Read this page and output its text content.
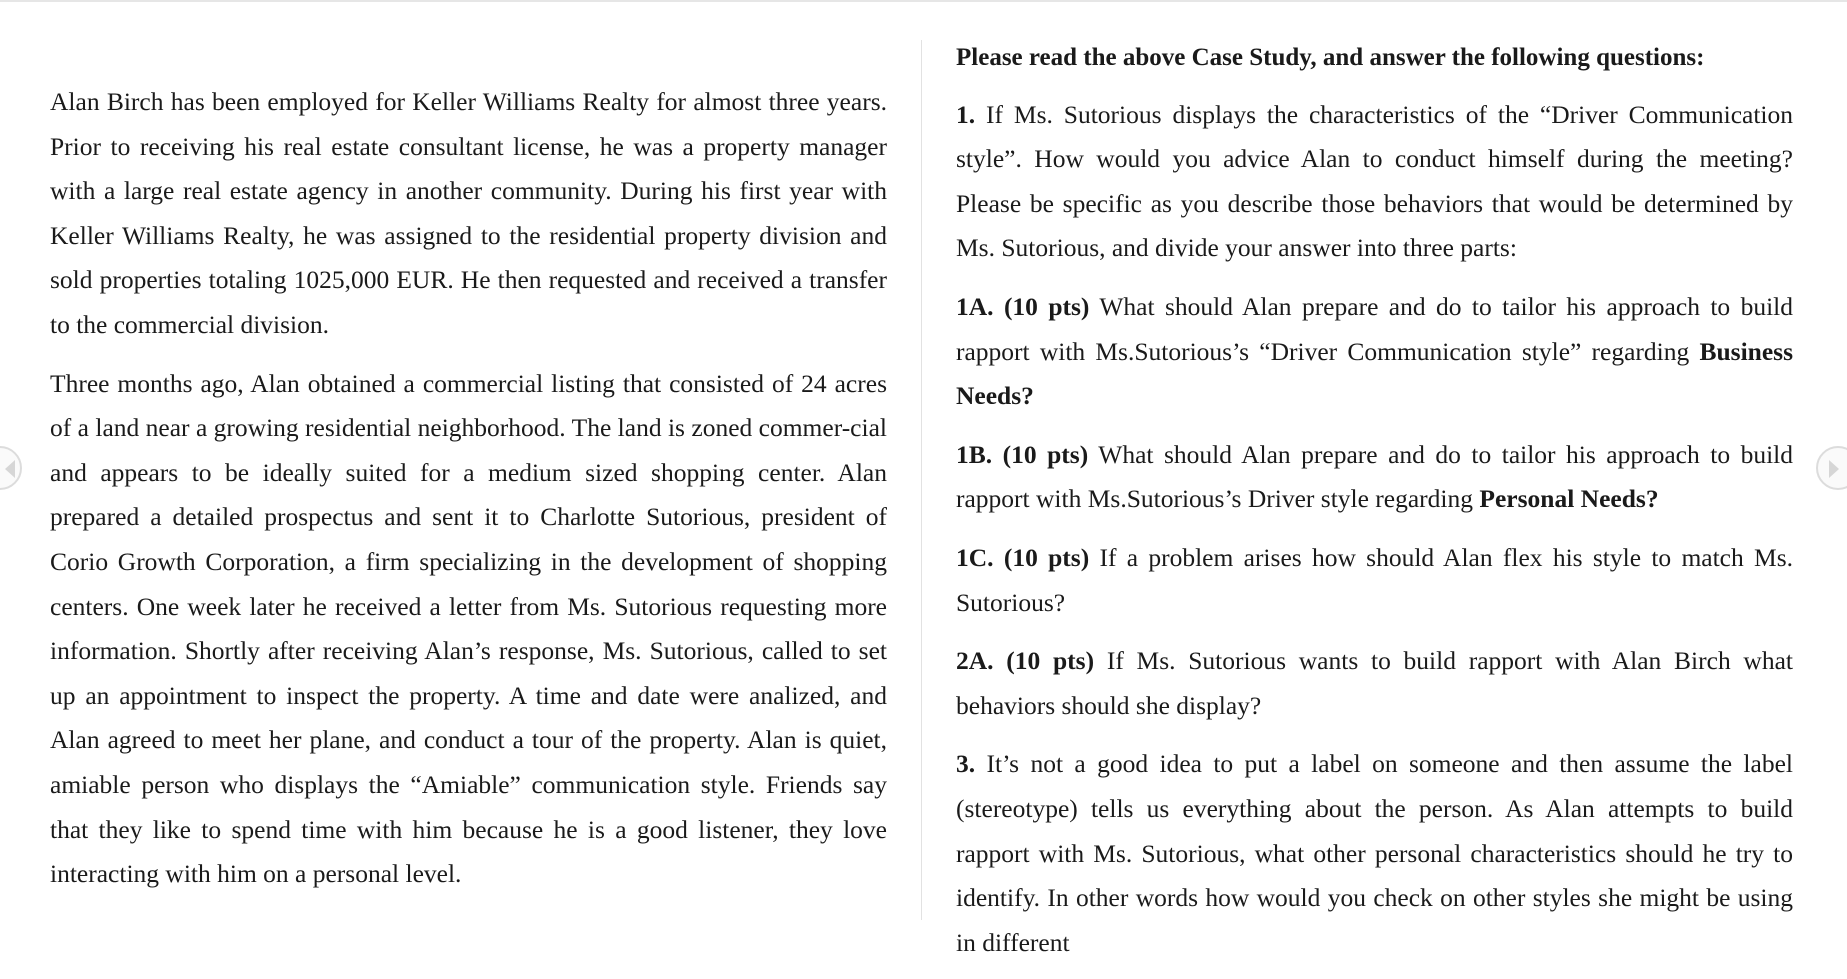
Alan Birch has been employed for Keller Williams Realty for almost three years. Prior to receiving his real estate consultant license, he was a property manager with a large real estate agency in another community. During his first year with Keller Williams Realty, he was assigned to the residential property division and sold properties totaling 1025,000 EUR. He then requested and received a transfer to the commercial division.

Three months ago, Alan obtained a commercial listing that consisted of 24 acres of a land near a growing residential neighborhood. The land is zoned commer-cial and appears to be ideally suited for a medium sized shopping center. Alan prepared a detailed prospectus and sent it to Charlotte Sutorious, president of Corio Growth Corporation, a firm specializing in the development of shopping centers. One week later he received a letter from Ms. Sutorious requesting more information. Shortly after receiving Alan’s response, Ms. Sutorious, called to set up an appointment to inspect the property. A time and date were analized, and Alan agreed to meet her plane, and conduct a tour of the property. Alan is quiet, amiable person who displays the “Amiable” communication style. Friends say that they like to spend time with him because he is a good listener, they love interacting with him on a personal level.

Please read the above Case Study, and answer the following questions:

1. If Ms. Sutorious displays the characteristics of the “Driver Communication style”. How would you advice Alan to conduct himself during the meeting? Please be specific as you describe those behaviors that would be determined by Ms. Sutorious, and divide your answer into three parts:

1A. (10 pts) What should Alan prepare and do to tailor his approach to build rapport with Ms.Sutorious’s “Driver Communication style” regarding Business Needs?

1B. (10 pts) What should Alan prepare and do to tailor his approach to build rapport with Ms.Sutorious’s Driver style regarding Personal Needs?

1C. (10 pts) If a problem arises how should Alan flex his style to match Ms. Sutorious?

2A. (10 pts) If Ms. Sutorious wants to build rapport with Alan Birch what behaviors should she display?

3. It’s not a good idea to put a label on someone and then assume the label (stereotype) tells us everything about the person. As Alan attempts to build rapport with Ms. Sutorious, what other personal characteristics should he try to identify. In other words how would you check on other styles she might be using in different
